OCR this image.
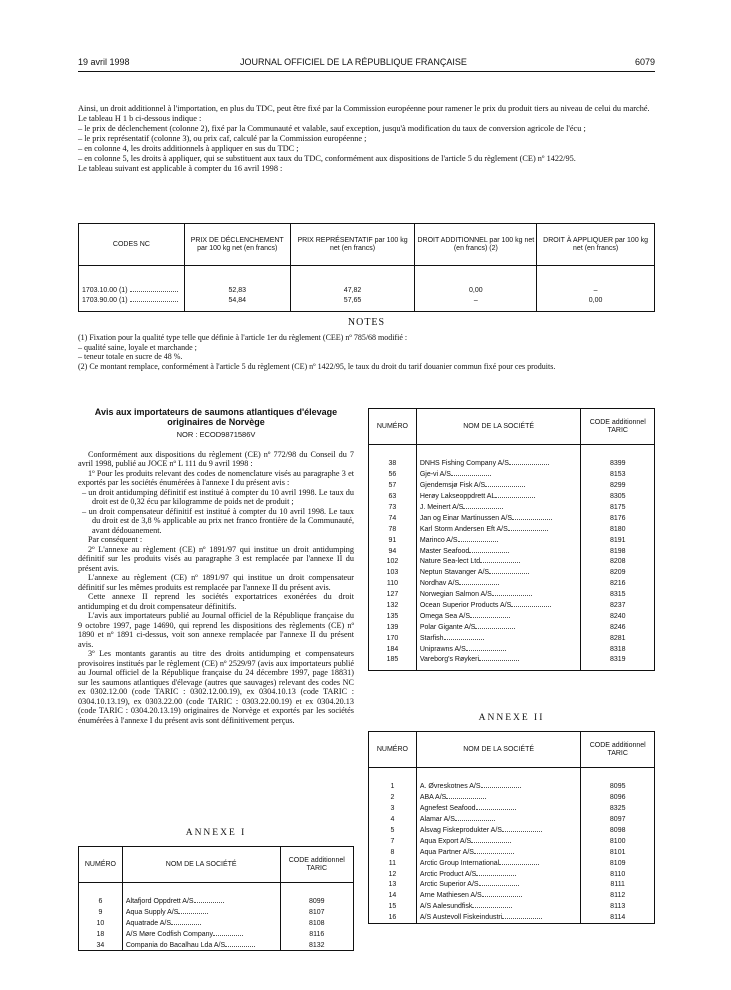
19 avril 1998	JOURNAL OFFICIEL DE LA RÉPUBLIQUE FRANÇAISE	6079

Ainsi, un droit additionnel à l'importation, en plus du TDC, peut être fixé par la Commission européenne pour ramener le prix du produit tiers au niveau de celui du marché.

Le tableau H 1 b ci-dessous indique :

– le prix de déclenchement (colonne 2), fixé par la Communauté et valable, sauf exception, jusqu'à modification du taux de conversion agricole de l'écu ;

– le prix représentatif (colonne 3), ou prix caf, calculé par la Commission européenne ;

– en colonne 4, les droits additionnels à appliquer en sus du TDC ;

– en colonne 5, les droits à appliquer, qui se substituent aux taux du TDC, conformément aux dispositions de l'article 5 du règlement (CE) nº 1422/95.

Le tableau suivant est applicable à compter du 16 avril 1998 :

CODES NC	PRIX DE DÉCLENCHEMENT par 100 kg net (en francs)	PRIX REPRÉSENTATIF par 100 kg net (en francs)	DROIT ADDITIONNEL par 100 kg net (en francs) (2)	DROIT À APPLIQUER par 100 kg net (en francs)

1703.10.00 (1)	52,83	47,82	0,00	–
1703.90.00 (1)	54,84	57,65	–	0,00

NOTES

(1) Fixation pour la qualité type telle que définie à l'article 1er du règlement (CEE) nº 785/68 modifié :

– qualité saine, loyale et marchande ;

– teneur totale en sucre de 48 %.

(2) Ce montant remplace, conformément à l'article 5 du règlement (CE) nº 1422/95, le taux du droit du tarif douanier commun fixé pour ces produits.

Avis aux importateurs de saumons atlantiques d'élevage originaires de Norvège
NOR : ECOD9871586V

Conformément aux dispositions du règlement (CE) nº 772/98 du Conseil du 7 avril 1998, publié au JOCE nº L 111 du 9 avril 1998 :

1º Pour les produits relevant des codes de nomenclature visés au paragraphe 3 et exportés par les sociétés énumérées à l'annexe I du présent avis :

– un droit antidumping définitif est institué à compter du 10 avril 1998. Le taux du droit est de 0,32 écu par kilogramme de poids net de produit ;

– un droit compensateur définitif est institué à compter du 10 avril 1998. Le taux du droit est de 3,8 % applicable au prix net franco frontière de la Communauté, avant dédouanement.

Par conséquent :

2º L'annexe au règlement (CE) nº 1891/97 qui institue un droit antidumping définitif sur les produits visés au paragraphe 3 est remplacée par l'annexe II du présent avis.

L'annexe au règlement (CE) nº 1891/97 qui institue un droit compensateur définitif sur les mêmes produits est remplacée par l'annexe II du présent avis.

Cette annexe II reprend les sociétés exportatrices exonérées du droit antidumping et du droit compensateur définitifs.

L'avis aux importateurs publié au Journal officiel de la République française du 9 octobre 1997, page 14690, qui reprend les dispositions des règlements (CE) nº 1890 et nº 1891 ci-dessus, voit son annexe remplacée par l'annexe II du présent avis.

3º Les montants garantis au titre des droits antidumping et compensateurs provisoires institués par le règlement (CE) nº 2529/97 (avis aux importateurs publié au Journal officiel de la République française du 24 décembre 1997, page 18831) sur les saumons atlantiques d'élevage (autres que sauvages) relevant des codes NC ex 0302.12.00 (code TARIC : 0302.12.00.19), ex 0304.10.13 (code TARIC : 0304.10.13.19), ex 0303.22.00 (code TARIC : 0303.22.00.19) et ex 0304.20.13 (code TARIC : 0304.20.13.19) originaires de Norvège et exportés par les sociétés énumérées à l'annexe I du présent avis sont définitivement perçus.

ANNEXE I
NUMÉRO	NOM DE LA SOCIÉTÉ	CODE additionnel TARIC

6	Altafjord Oppdrett A/S	8099
9	Aqua Supply A/S	8107
10	Aquatrade A/S	8108
18	A/S Møre Codfish Company	8116
34	Compania do Bacalhau Lda A/S	8132
NUMÉRO	NOM DE LA SOCIÉTÉ	CODE additionnel TARIC

38	DNHS Fishing Company A/S	8399
56	Gje-vi A/S	8153
57	Gjendemsjø Fisk A/S	8299
63	Herøy Lakseoppdrett AL	8305
73	J. Meinert A/S	8175
74	Jan og Einar Martinussen A/S	8176
78	Karl Storm Andersen Eft A/S	8180
91	Marinco A/S	8191
94	Master Seafood	8198
102	Nature Sea-lect Ltd	8208
103	Neptun Stavanger A/S	8209
110	Nordhav A/S	8216
127	Norwegian Salmon A/S	8315
132	Ocean Superior Products A/S	8237
135	Omega Sea A/S	8240
139	Polar Gigante A/S	8246
170	Starfish	8281
184	Uniprawns A/S	8318
185	Vareborg's Røykeri	8319

ANNEXE II
NUMÉRO	NOM DE LA SOCIÉTÉ	CODE additionnel TARIC

1	A. Øvreskotnes A/S	8095
2	ABA A/S	8096
3	Agnefest Seafood	8325
4	Alamar A/S	8097
5	Alsvag Fiskeprodukter A/S	8098
7	Aqua Export A/S	8100
8	Aqua Partner A/S	8101
11	Arctic Group International	8109
12	Arctic Product A/S	8110
13	Arctic Superior A/S	8111
14	Arne Mathiesen A/S	8112
15	A/S Aalesundfisk	8113
16	A/S Austevoll Fiskeindustri	8114
